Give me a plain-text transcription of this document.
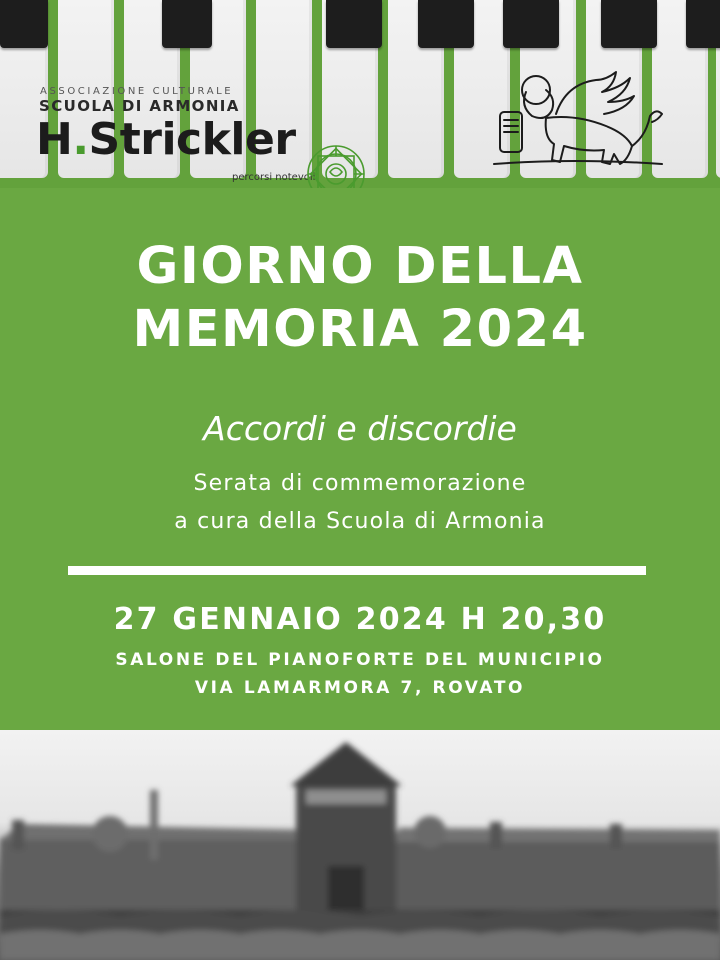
ASSOCIAZIONE CULTURALE
SCUOLA DI ARMONIA
H.Strickler
percorsi notevoli
GIORNO DELLA
MEMORIA 2024
Accordi e discordie
Serata di commemorazione
a cura della Scuola di Armonia
27 GENNAIO 2024 H 20,30
SALONE DEL PIANOFORTE DEL MUNICIPIO
VIA LAMARMORA 7, ROVATO
